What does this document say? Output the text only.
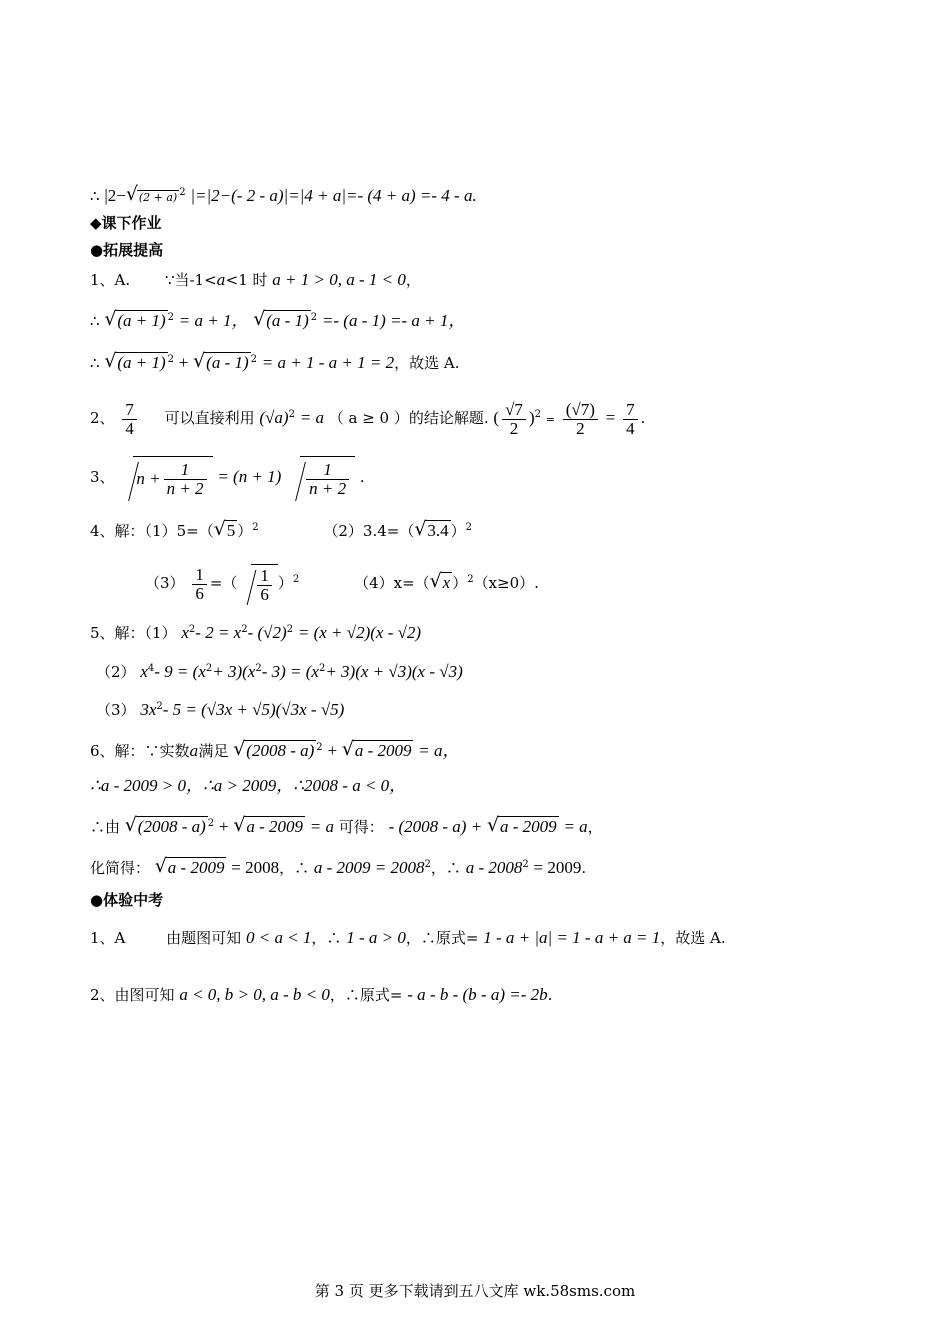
∴ |2− √ (2 + a) $^2$ |=|2−(- 2 - a)|=|4 + a|=- (4 + a) =- 4 - a.
◆课下作业
●拓展提高
1、A. ∵当-1<a<1 时 a + 1 > 0, a - 1 < 0，
∴ √ (a + 1) $^2$ = a + 1， √ (a - 1) $^2$ =- (a - 1) =- a + 1，
∴ √ (a + 1) $^2$ + √ (a - 1) $^2$ = a + 1 - a + 1 = 2，故选 A.
2、 $\frac{7}{4}$ 可以直接利用 $(√a)^2 = a$ （ a ≥ 0 ）的结论解题. ( $\frac{√7}{2} )^2 = \frac{(√7)}{2} = \frac{7}{4}$ .
3、 $n + \frac{1}{n + 2} = (n + 1) \frac{1}{n + 2}$ .
4、解：（1）5=（ √ 5 ）$^2$	（2）3.4=（ √ 3.4 ）$^2$
$(3) \frac{1}{6}$ =（ $\frac{1}{6} )^2$	（4）x=（ √ x ）$^2$（x≥0）.
5、解：（1） $x^2-$ $2 = x^2-$ $(√2)^2 = (x + √2)(x - √2)$
（2） $x^4-$ $9 = (x^2+ 3)(x^2-$ $3) = (x^2+ 3)(x + √3)(x - √3)$
（3） $3x^2-$ 5 = (√3x + √5)(√3x - √5)
6、解：∵实数a满足 √ (2008 - a) $^2$ + √ a - 2009 = a，
∴a - 2009 > 0，∴a > 2009，∴2008 - a < 0，
∴由 √ (2008 - a) $^2$ + √ a - 2009 = a 可得： - (2008 - a) + √ a - 2009 = a，
化简得： √ a - 2009 = 2008，∴ $a - 2009 = 2008^2$，∴ $a - 2008^2 = 2009$.
●体验中考
1、A	由题图可知 0 < a < 1，∴ 1 - a > 0，∴原式= 1 - a + |a| = 1 - a + a = 1，故选 A.
2、由图可知 a < 0, b > 0, a - b < 0，∴原式= - a - b - (b - a) =- 2b.
第 3 页 更多下载请到五八文库 wk.58sms.com
